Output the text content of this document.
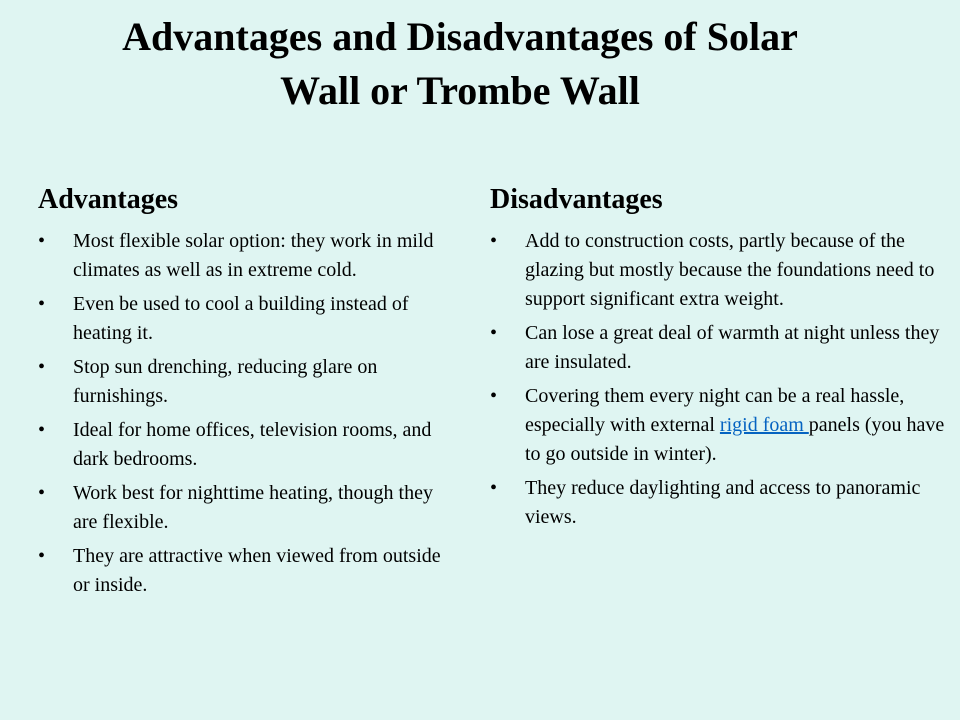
Advantages and Disadvantages of Solar
Wall or Trombe Wall
Advantages
• Most flexible solar option: they work in mild climates as well as in extreme cold.
• Even be used to cool a building instead of heating it.
• Stop sun drenching, reducing glare on furnishings.
• Ideal for home offices, television rooms, and dark bedrooms.
• Work best for nighttime heating, though they are flexible.
• They are attractive when viewed from outside or inside.
Disadvantages
• Add to construction costs, partly because of the glazing but mostly because the foundations need to support significant extra weight.
• Can lose a great deal of warmth at night unless they are insulated.
• Covering them every night can be a real hassle, especially with external rigid foam panels (you have to go outside in winter).
• They reduce daylighting and access to panoramic views.
